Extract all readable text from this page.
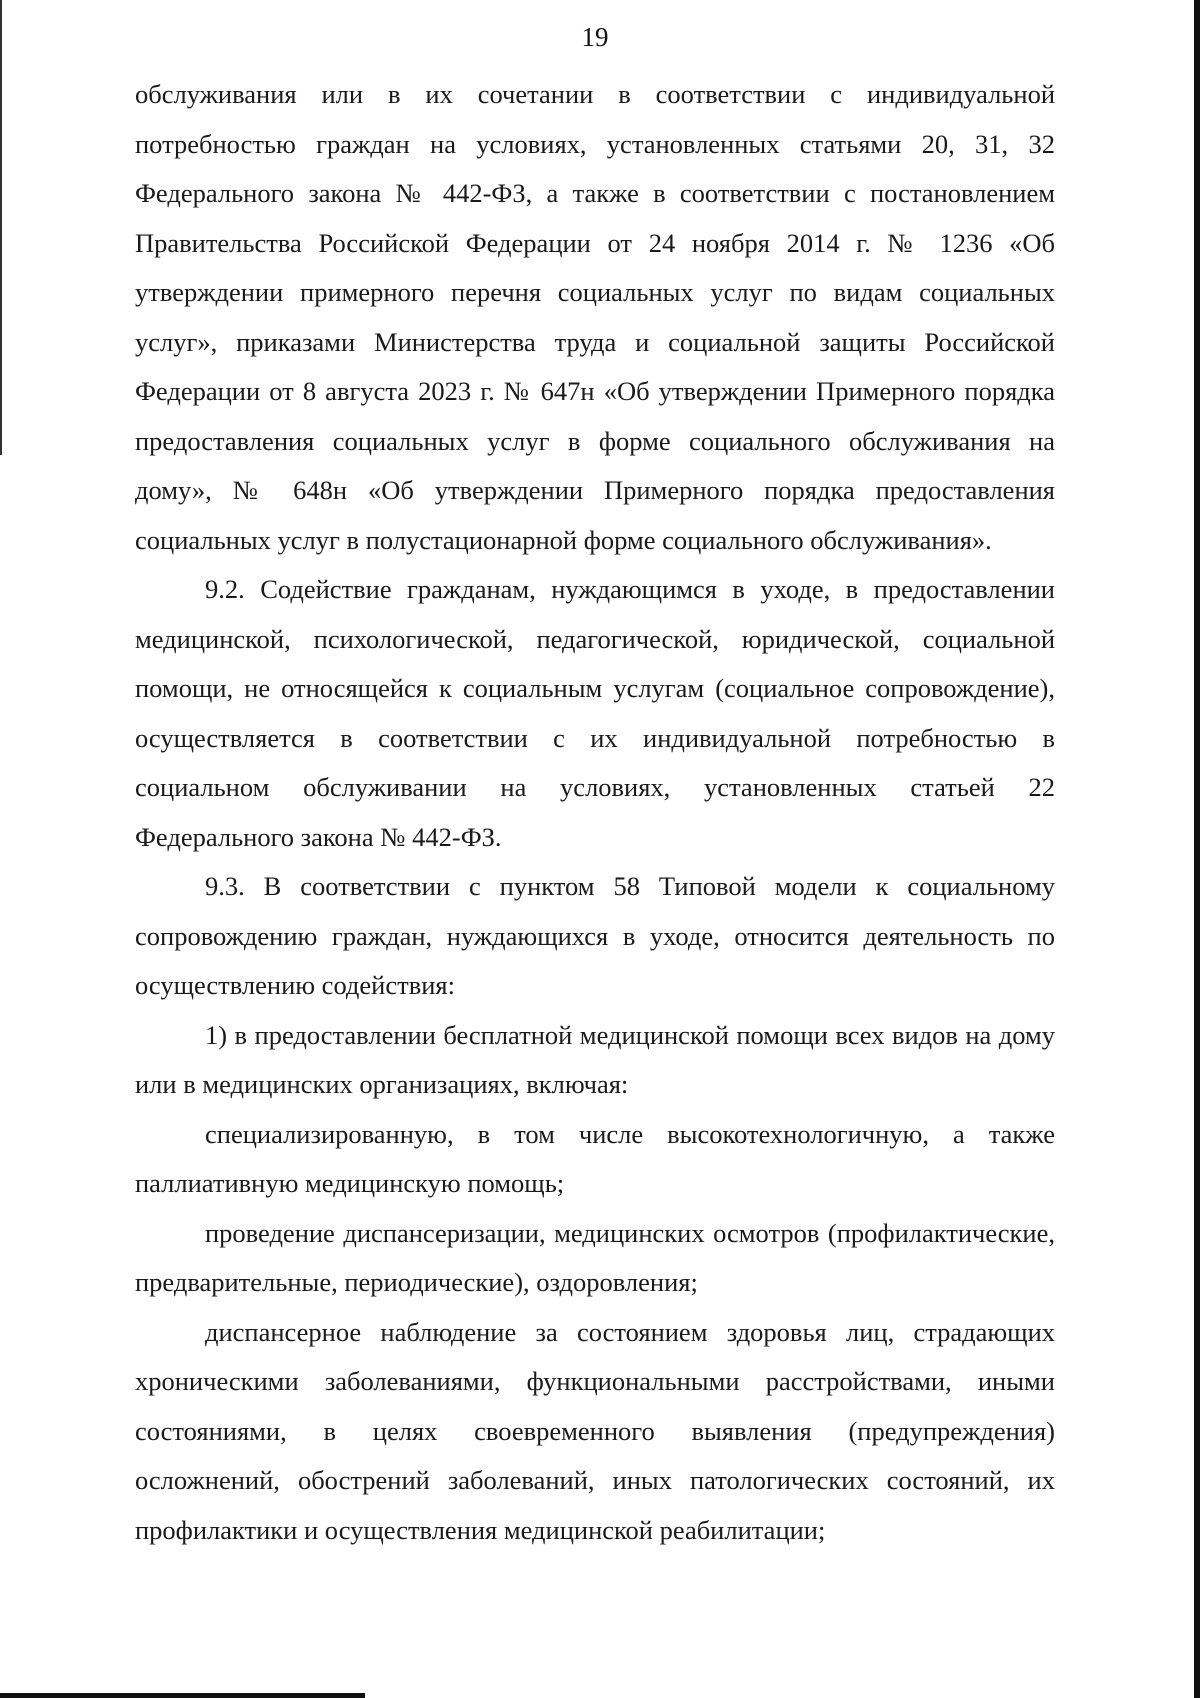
19

обслуживания или в их сочетании в соответствии с индивидуальной потребностью граждан на условиях, установленных статьями 20, 31, 32 Федерального закона № 442-ФЗ, а также в соответствии с постановлением Правительства Российской Федерации от 24 ноября 2014 г. № 1236 «Об утверждении примерного перечня социальных услуг по видам социальных услуг», приказами Министерства труда и социальной защиты Российской Федерации от 8 августа 2023 г. № 647н «Об утверждении Примерного порядка предоставления социальных услуг в форме социального обслуживания на дому», № 648н «Об утверждении Примерного порядка предоставления социальных услуг в полустационарной форме социального обслуживания».

9.2. Содействие гражданам, нуждающимся в уходе, в предоставлении медицинской, психологической, педагогической, юридической, социальной помощи, не относящейся к социальным услугам (социальное сопровождение), осуществляется в соответствии с их индивидуальной потребностью в социальном обслуживании на условиях, установленных статьей 22 Федерального закона № 442-ФЗ.

9.3. В соответствии с пунктом 58 Типовой модели к социальному сопровождению граждан, нуждающихся в уходе, относится деятельность по осуществлению содействия:

1) в предоставлении бесплатной медицинской помощи всех видов на дому или в медицинских организациях, включая:

специализированную, в том числе высокотехнологичную, а также паллиативную медицинскую помощь;

проведение диспансеризации, медицинских осмотров (профилактические, предварительные, периодические), оздоровления;

диспансерное наблюдение за состоянием здоровья лиц, страдающих хроническими заболеваниями, функциональными расстройствами, иными состояниями, в целях своевременного выявления (предупреждения) осложнений, обострений заболеваний, иных патологических состояний, их профилактики и осуществления медицинской реабилитации;
